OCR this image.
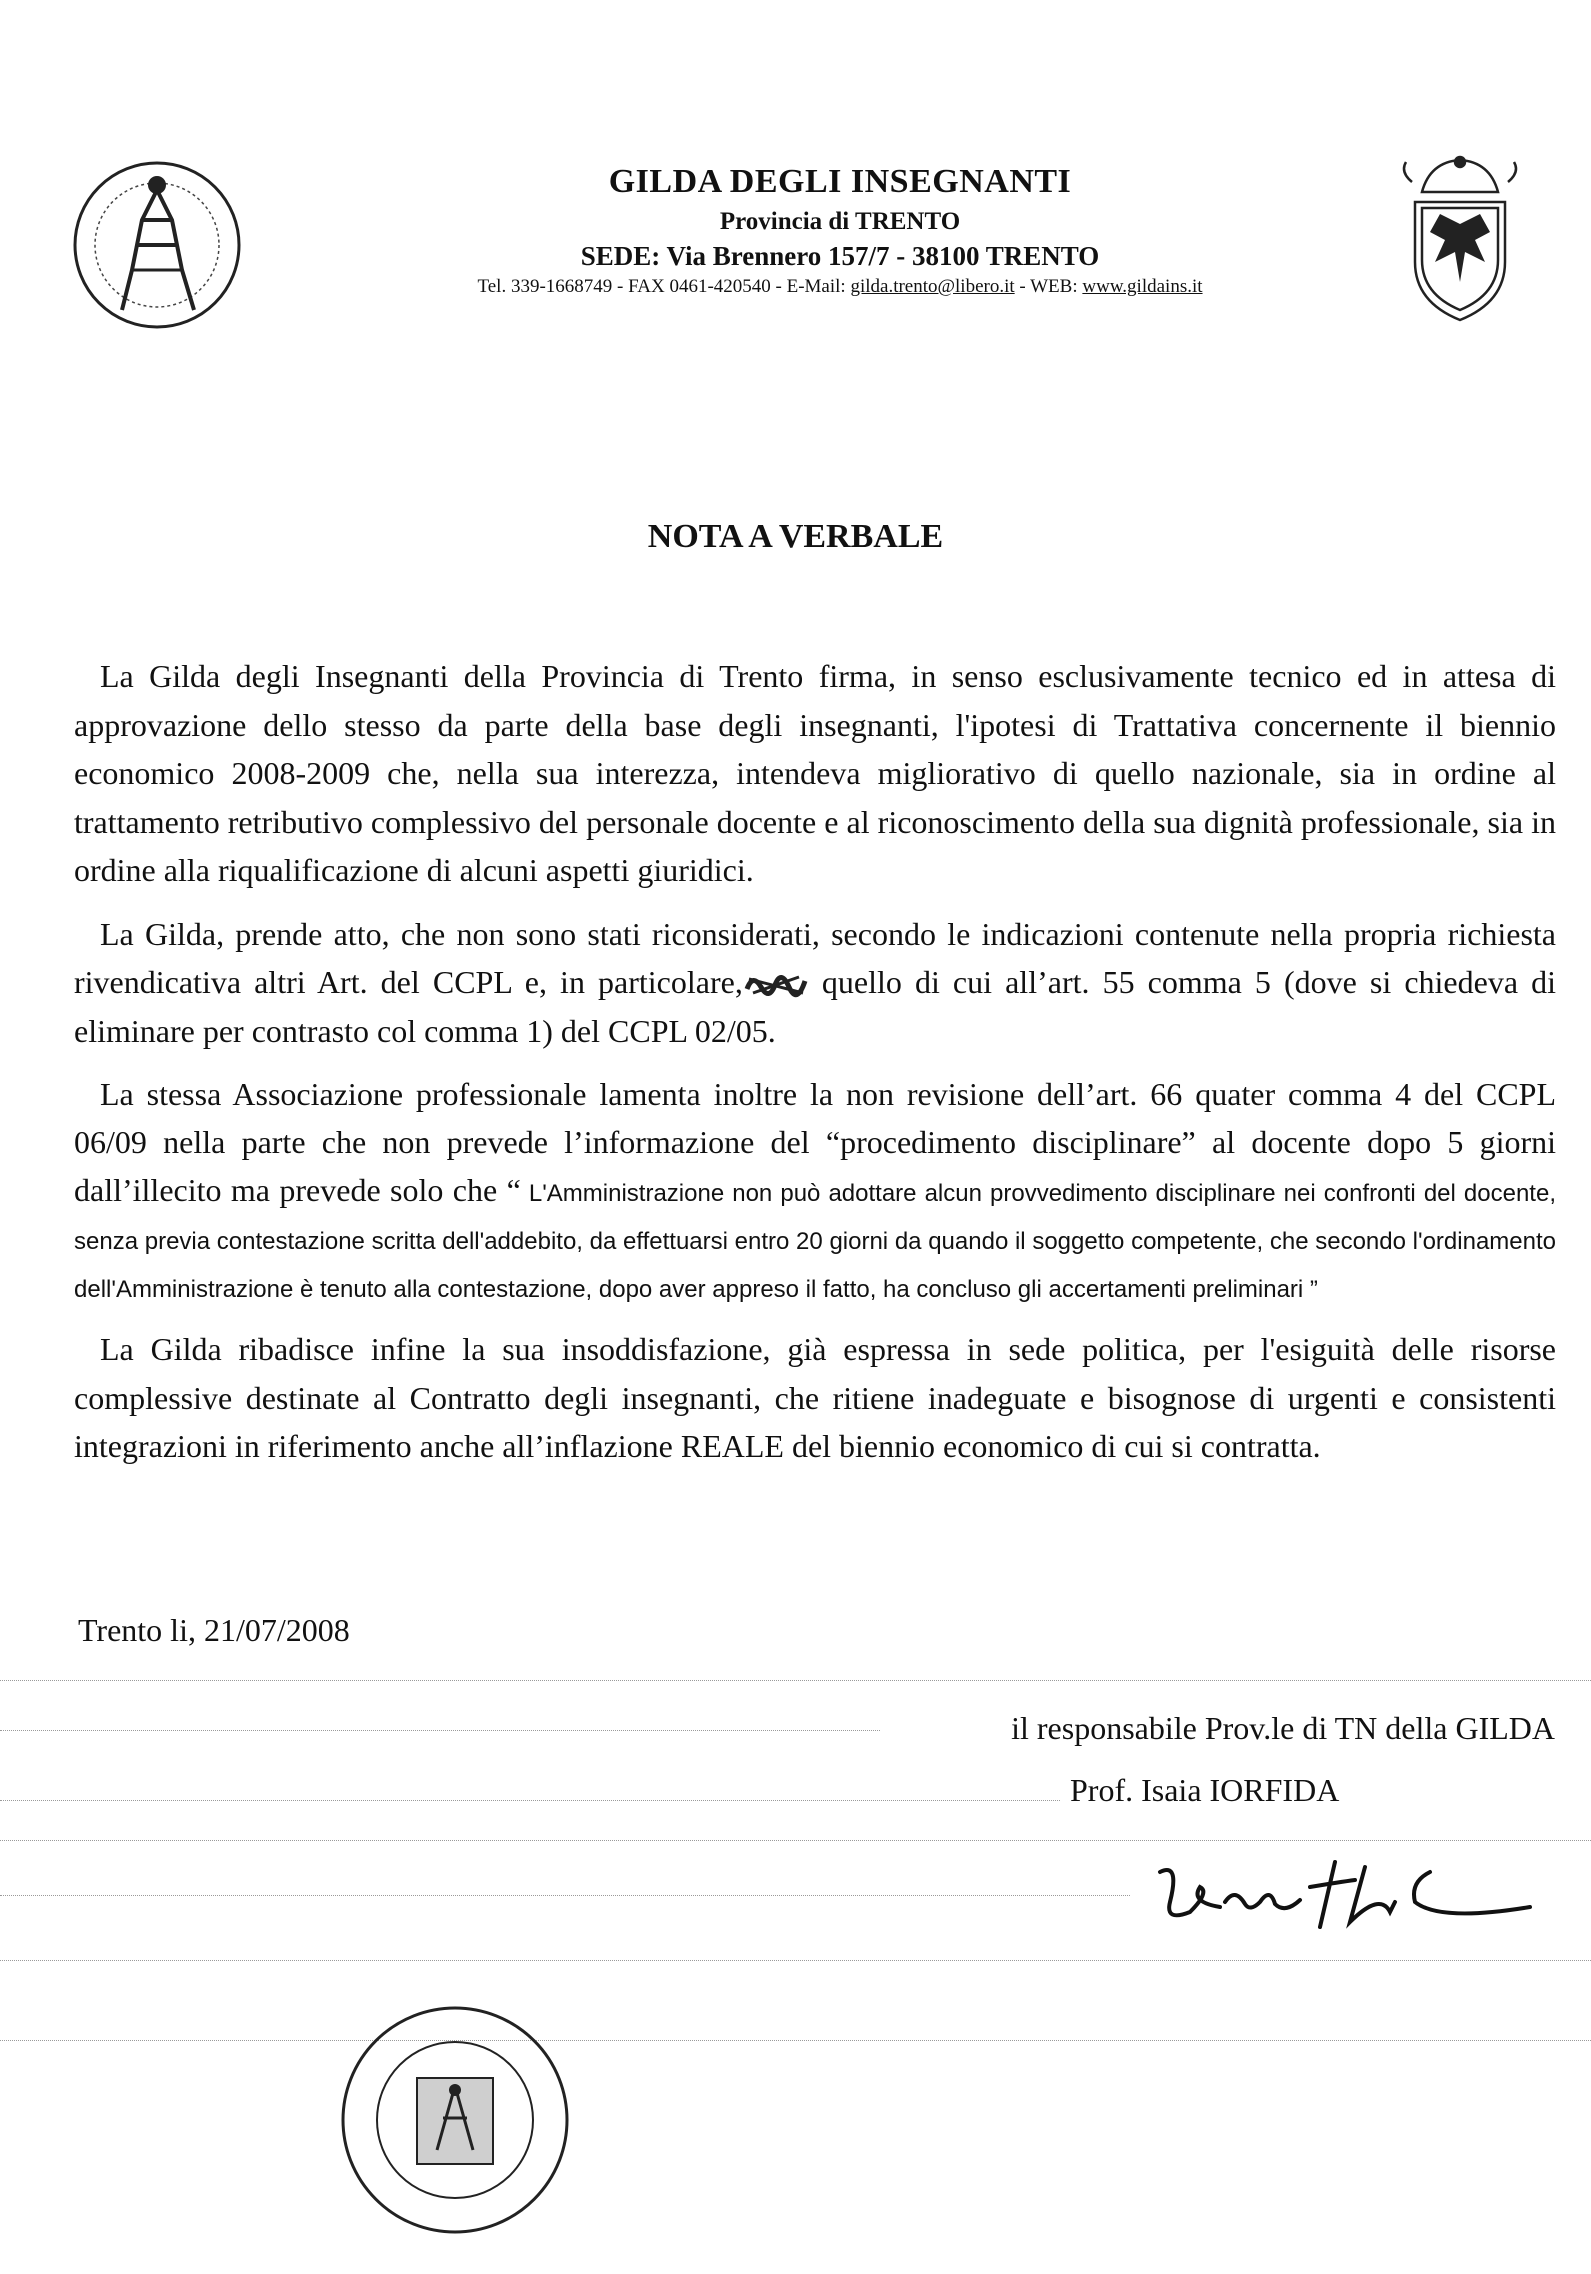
GILDA DEGLI INSEGNANTI
Provincia di TRENTO
SEDE: Via Brennero 157/7 - 38100 TRENTO
Tel. 339-1668749 - FAX 0461-420540 - E-Mail: gilda.trento@libero.it - WEB: www.gildains.it
NOTA A VERBALE

La Gilda degli Insegnanti della Provincia di Trento firma, in senso esclusivamente tecnico ed in attesa di approvazione dello stesso da parte della base degli insegnanti, l'ipotesi di Trattativa concernente il biennio economico 2008-2009 che, nella sua interezza, intendeva migliorativo di quello nazionale, sia in ordine al trattamento retributivo complessivo del personale docente e al riconoscimento della sua dignità professionale, sia in ordine alla riqualificazione di alcuni aspetti giuridici.

La Gilda, prende atto, che non sono stati riconsiderati, secondo le indicazioni contenute nella propria richiesta rivendicativa altri Art. del CCPL e, in particolare, quello di cui all’art. 55 comma 5 (dove si chiedeva di eliminare per contrasto col comma 1) del CCPL 02/05.

La stessa Associazione professionale lamenta inoltre la non revisione dell’art. 66 quater comma 4 del CCPL 06/09 nella parte che non prevede l’informazione del “procedimento disciplinare” al docente dopo 5 giorni dall’illecito ma prevede solo che “ L'Amministrazione non può adottare alcun provvedimento disciplinare nei confronti del docente, senza previa contestazione scritta dell'addebito, da effettuarsi entro 20 giorni da quando il soggetto competente, che secondo l'ordinamento dell'Amministrazione è tenuto alla contestazione, dopo aver appreso il fatto, ha concluso gli accertamenti preliminari ”

La Gilda ribadisce infine la sua insoddisfazione, già espressa in sede politica, per l'esiguità delle risorse complessive destinate al Contratto degli insegnanti, che ritiene inadeguate e bisognose di urgenti e consistenti integrazioni in riferimento anche all’inflazione REALE del biennio economico di cui si contratta.

Trento li, 21/07/2008
il responsabile Prov.le di TN della GILDA
Prof. Isaia IORFIDA
